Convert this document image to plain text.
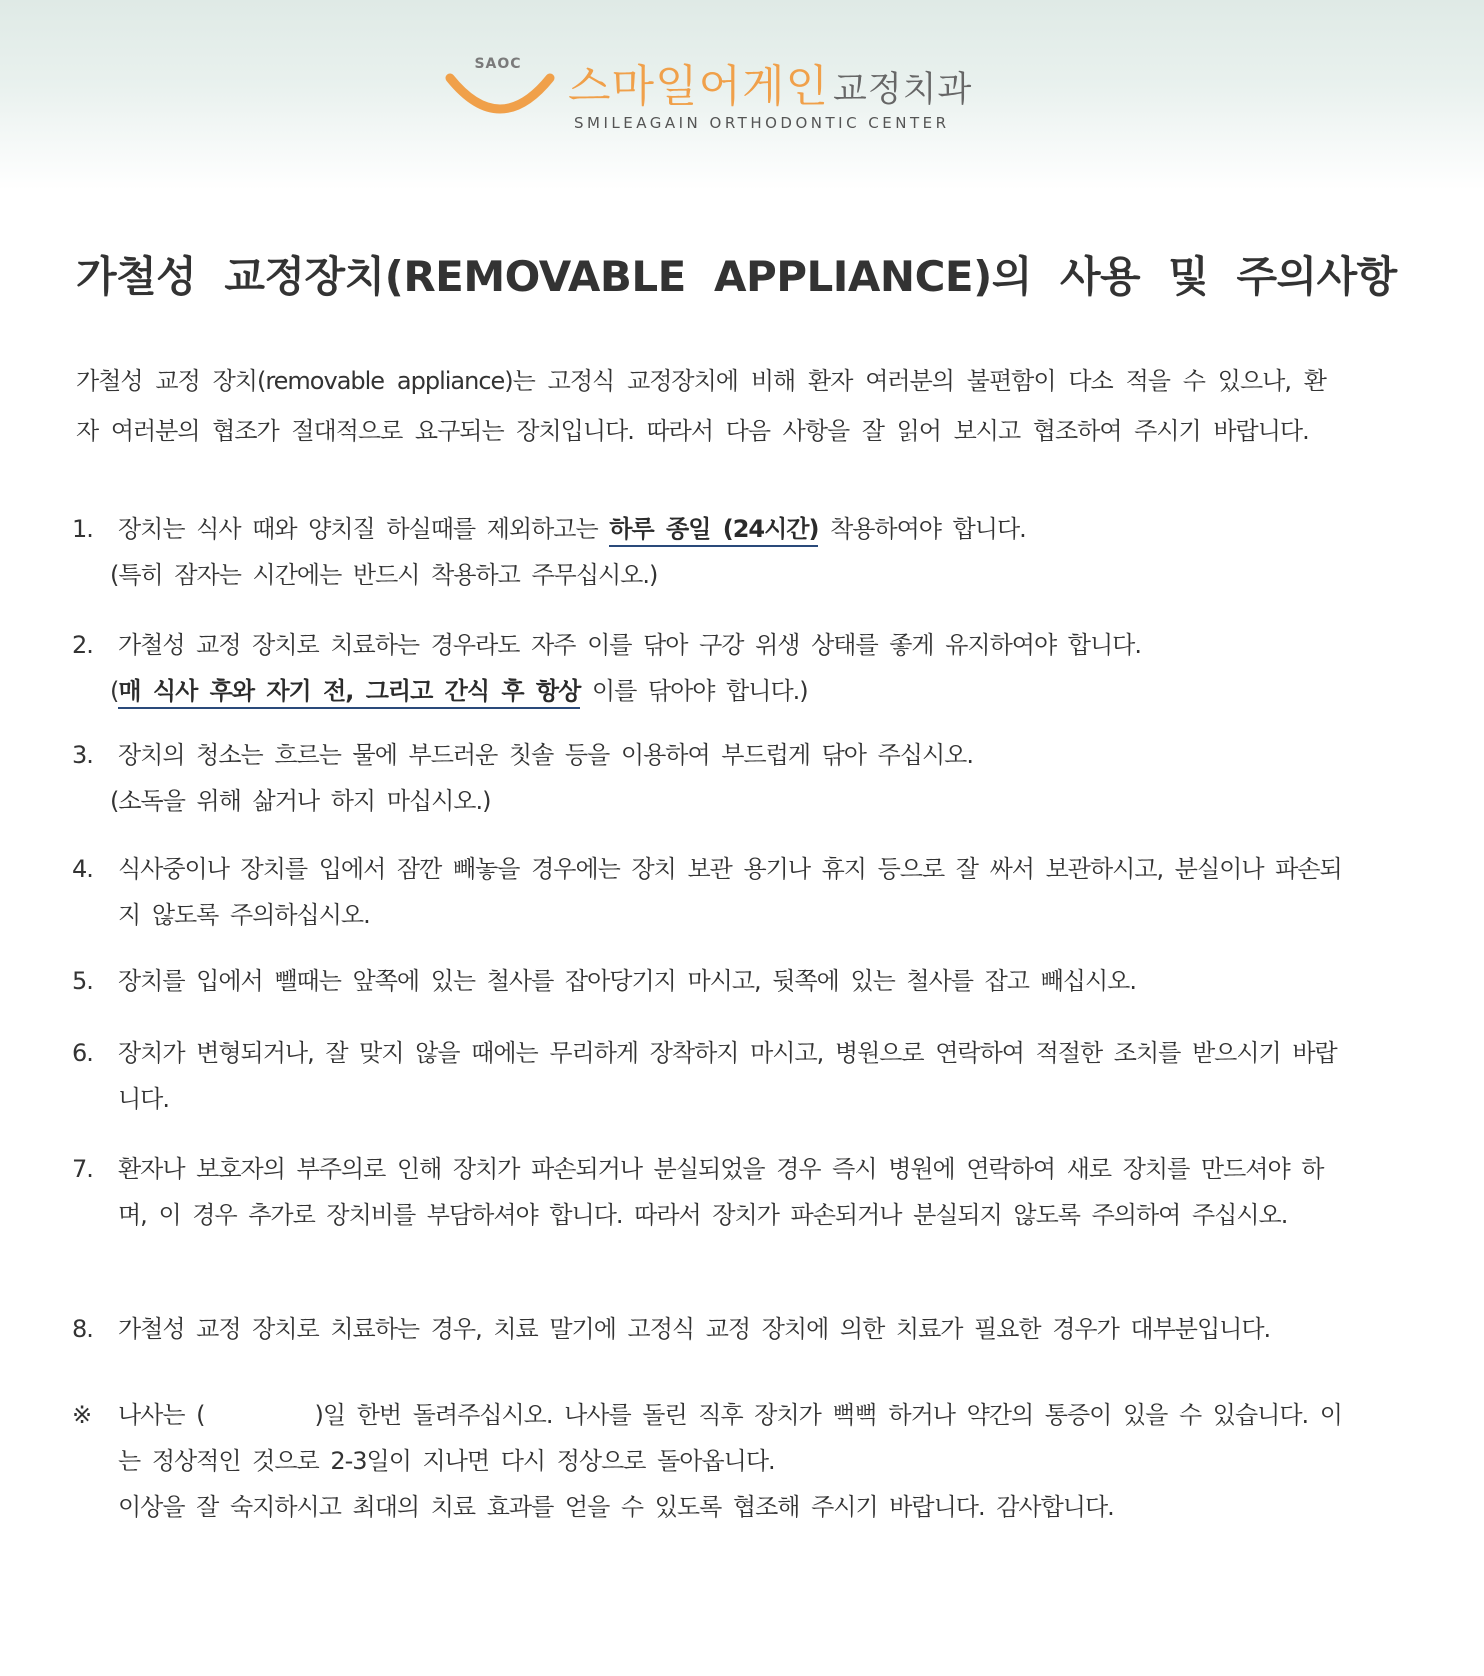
SAOC	스마일어게인 교정치과
SMILEAGAIN ORTHODONTIC CENTER
가철성 교정장치(REMOVABLE APPLIANCE)의 사용 및 주의사항
가철성 교정 장치(removable appliance)는 고정식 교정장치에 비해 환자 여러분의 불편함이 다소 적을 수 있으나, 환자 여러분의 협조가 절대적으로 요구되는 장치입니다. 따라서 다음 사항을 잘 읽어 보시고 협조하여 주시기 바랍니다.
1.	장치는 식사 때와 양치질 하실때를 제외하고는 하루 종일 (24시간) 착용하여야 합니다.
(특히 잠자는 시간에는 반드시 착용하고 주무십시오.)
2.	가철성 교정 장치로 치료하는 경우라도 자주 이를 닦아 구강 위생 상태를 좋게 유지하여야 합니다.
(매 식사 후와 자기 전, 그리고 간식 후 항상 이를 닦아야 합니다.)
3.	장치의 청소는 흐르는 물에 부드러운 칫솔 등을 이용하여 부드럽게 닦아 주십시오.
(소독을 위해 삶거나 하지 마십시오.)
4.	식사중이나 장치를 입에서 잠깐 빼놓을 경우에는 장치 보관 용기나 휴지 등으로 잘 싸서 보관하시고, 분실이나 파손되지 않도록 주의하십시오.
5.	장치를 입에서 뺄때는 앞쪽에 있는 철사를 잡아당기지 마시고, 뒷쪽에 있는 철사를 잡고 빼십시오.
6.	장치가 변형되거나, 잘 맞지 않을 때에는 무리하게 장착하지 마시고, 병원으로 연락하여 적절한 조치를 받으시기 바랍니다.
7.	환자나 보호자의 부주의로 인해 장치가 파손되거나 분실되었을 경우 즉시 병원에 연락하여 새로 장치를 만드셔야 하며, 이 경우 추가로 장치비를 부담하셔야 합니다. 따라서 장치가 파손되거나 분실되지 않도록 주의하여 주십시오.
8.	가철성 교정 장치로 치료하는 경우, 치료 말기에 고정식 교정 장치에 의한 치료가 필요한 경우가 대부분입니다.
※	나사는 (	)일 한번 돌려주십시오. 나사를 돌린 직후 장치가 뻑뻑 하거나 약간의 통증이 있을 수 있습니다. 이는 정상적인 것으로 2-3일이 지나면 다시 정상으로 돌아옵니다.
이상을 잘 숙지하시고 최대의 치료 효과를 얻을 수 있도록 협조해 주시기 바랍니다. 감사합니다.
